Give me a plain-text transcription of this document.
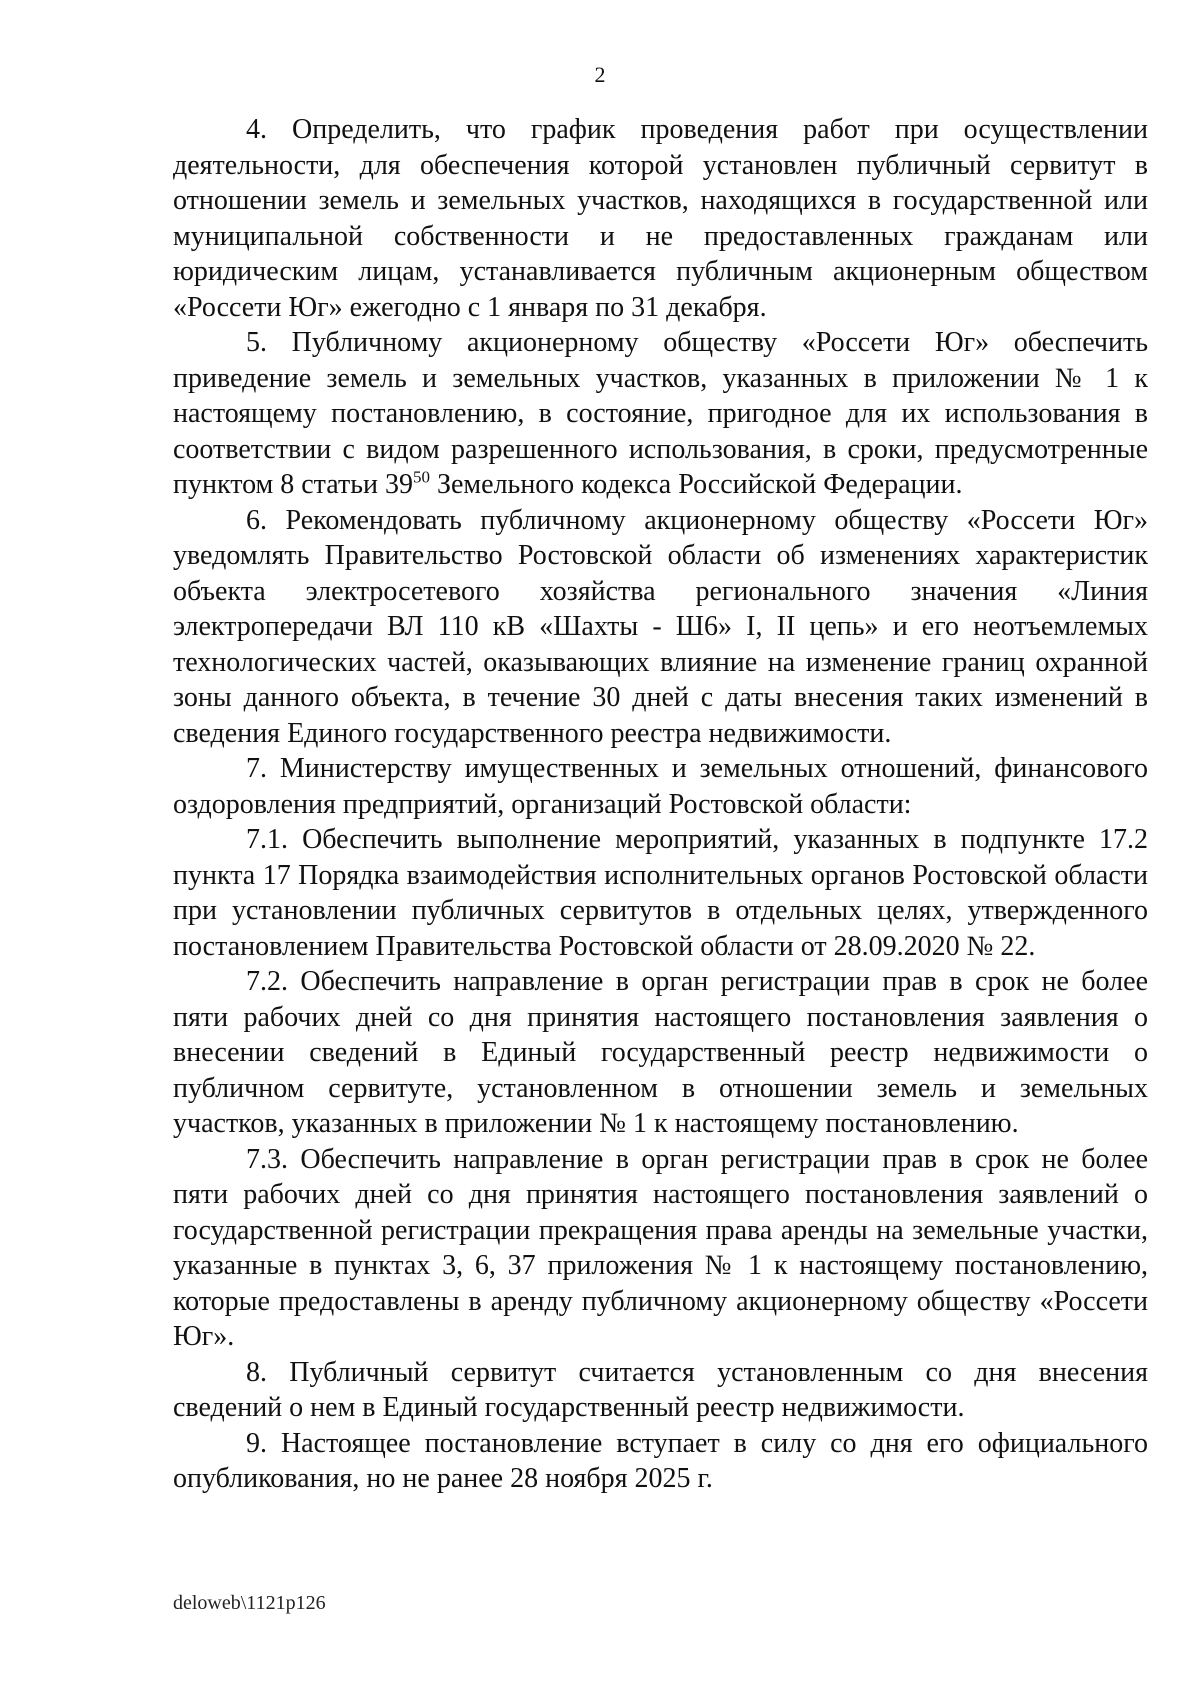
2

4. Определить, что график проведения работ при осуществлении деятельности, для обеспечения которой установлен публичный сервитут в отношении земель и земельных участков, находящихся в государственной или муниципальной собственности и не предоставленных гражданам или юридическим лицам, устанавливается публичным акционерным обществом «Россети Юг» ежегодно с 1 января по 31 декабря.

5. Публичному акционерному обществу «Россети Юг» обеспечить приведение земель и земельных участков, указанных в приложении № 1 к настоящему постановлению, в состояние, пригодное для их использования в соответствии с видом разрешенного использования, в сроки, предусмотренные пунктом 8 статьи $39^{50}$ Земельного кодекса Российской Федерации.

6. Рекомендовать публичному акционерному обществу «Россети Юг» уведомлять Правительство Ростовской области об изменениях характеристик объекта электросетевого хозяйства регионального значения «Линия электропередачи ВЛ 110 кВ «Шахты - Ш6» I, II цепь» и его неотъемлемых технологических частей, оказывающих влияние на изменение границ охранной зоны данного объекта, в течение 30 дней с даты внесения таких изменений в сведения Единого государственного реестра недвижимости.

7. Министерству имущественных и земельных отношений, финансового оздоровления предприятий, организаций Ростовской области:

7.1. Обеспечить выполнение мероприятий, указанных в подпункте 17.2 пункта 17 Порядка взаимодействия исполнительных органов Ростовской области при установлении публичных сервитутов в отдельных целях, утвержденного постановлением Правительства Ростовской области от 28.09.2020 № 22.

7.2. Обеспечить направление в орган регистрации прав в срок не более пяти рабочих дней со дня принятия настоящего постановления заявления о внесении сведений в Единый государственный реестр недвижимости о публичном сервитуте, установленном в отношении земель и земельных участков, указанных в приложении № 1 к настоящему постановлению.

7.3. Обеспечить направление в орган регистрации прав в срок не более пяти рабочих дней со дня принятия настоящего постановления заявлений о государственной регистрации прекращения права аренды на земельные участки, указанные в пунктах 3, 6, 37 приложения № 1 к настоящему постановлению, которые предоставлены в аренду публичному акционерному обществу «Россети Юг».

8. Публичный сервитут считается установленным со дня внесения сведений о нем в Единый государственный реестр недвижимости.

9. Настоящее постановление вступает в силу со дня его официального опубликования, но не ранее 28 ноября 2025 г.

deloweb\1121p126
